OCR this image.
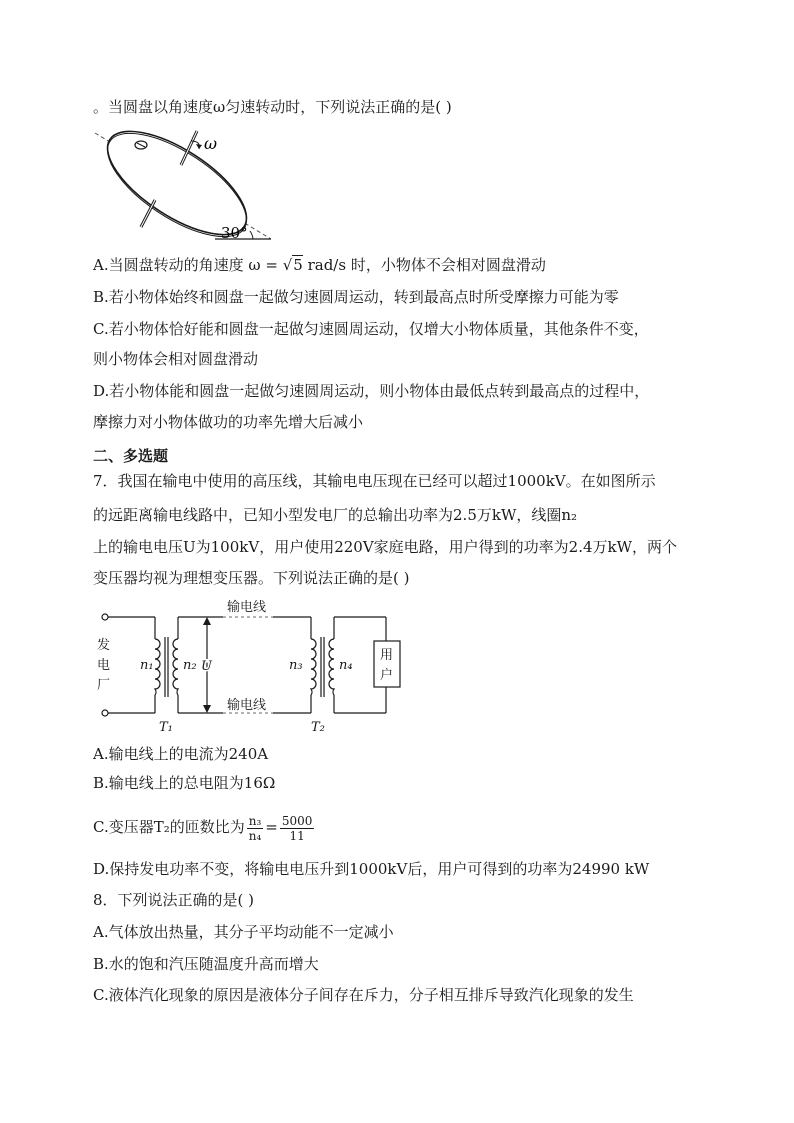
。当圆盘以角速度ω匀速转动时，下列说法正确的是( )
ω
30°
A.当圆盘转动的角速度 ω = √5 rad/s 时，小物体不会相对圆盘滑动
B.若小物体始终和圆盘一起做匀速圆周运动，转到最高点时所受摩擦力可能为零
C.若小物体恰好能和圆盘一起做匀速圆周运动，仅增大小物体质量，其他条件不变，
则小物体会相对圆盘滑动
D.若小物体能和圆盘一起做匀速圆周运动，则小物体由最低点转到最高点的过程中，
摩擦力对小物体做功的功率先增大后减小
二、多选题
7．我国在输电中使用的高压线，其输电电压现在已经可以超过1000kV。在如图所示
的远距离输电线路中，已知小型发电厂的总输出功率为2.5万kW，线圈n₂
上的输电电压U为100kV，用户使用220V家庭电路，用户得到的功率为2.4万kW，两个
变压器均视为理想变压器。下列说法正确的是( )
输电线
输电线
发
电
厂
n₁ n₂ U	n₃	n₄
用
户
T₁	T₂
A.输电线上的电流为240A
B.输电线上的总电阻为16Ω
C.变压器T₂的匝数比为 $\frac{\text{n₃}}{\text{n₄}} = \frac{5000}{11}$
D.保持发电功率不变，将输电电压升到1000kV后，用户可得到的功率为24990 kW
8．下列说法正确的是( )
A.气体放出热量，其分子平均动能不一定减小
B.水的饱和汽压随温度升高而增大
C.液体汽化现象的原因是液体分子间存在斥力，分子相互排斥导致汽化现象的发生
